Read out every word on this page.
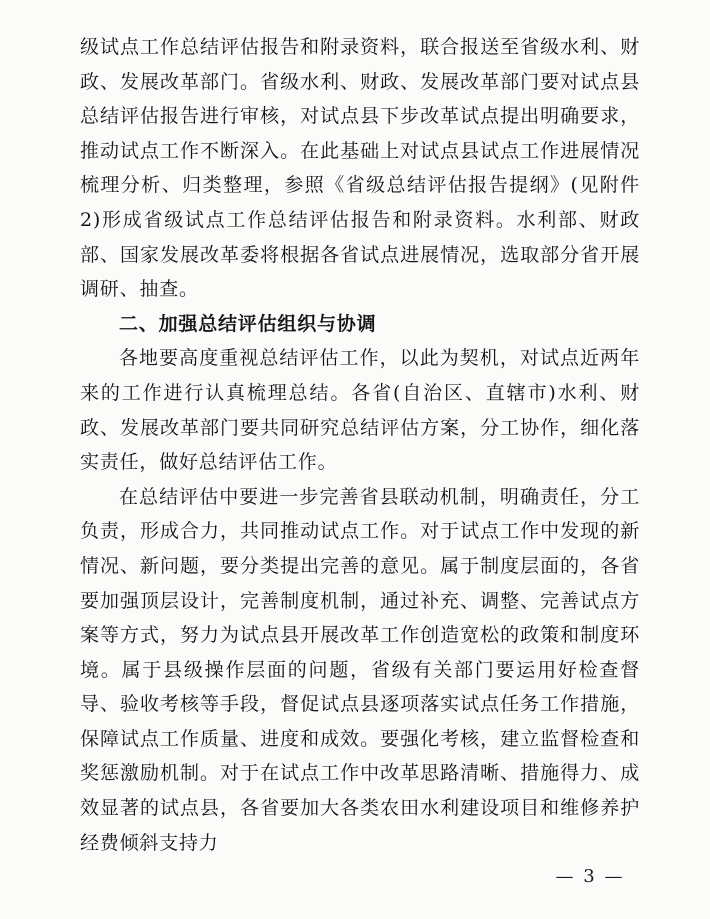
级试点工作总结评估报告和附录资料，联合报送至省级水利、财政、发展改革部门。省级水利、财政、发展改革部门要对试点县总结评估报告进行审核，对试点县下步改革试点提出明确要求，推动试点工作不断深入。在此基础上对试点县试点工作进展情况梳理分析、归类整理，参照《省级总结评估报告提纲》(见附件2)形成省级试点工作总结评估报告和附录资料。水利部、财政部、国家发展改革委将根据各省试点进展情况，选取部分省开展调研、抽查。

二、加强总结评估组织与协调

各地要高度重视总结评估工作，以此为契机，对试点近两年来的工作进行认真梳理总结。各省(自治区、直辖市)水利、财政、发展改革部门要共同研究总结评估方案，分工协作，细化落实责任，做好总结评估工作。

在总结评估中要进一步完善省县联动机制，明确责任，分工负责，形成合力，共同推动试点工作。对于试点工作中发现的新情况、新问题，要分类提出完善的意见。属于制度层面的，各省要加强顶层设计，完善制度机制，通过补充、调整、完善试点方案等方式，努力为试点县开展改革工作创造宽松的政策和制度环境。属于县级操作层面的问题，省级有关部门要运用好检查督导、验收考核等手段，督促试点县逐项落实试点任务工作措施，保障试点工作质量、进度和成效。要强化考核，建立监督检查和奖惩激励机制。对于在试点工作中改革思路清晰、措施得力、成效显著的试点县，各省要加大各类农田水利建设项目和维修养护经费倾斜支持力

— 3 —
